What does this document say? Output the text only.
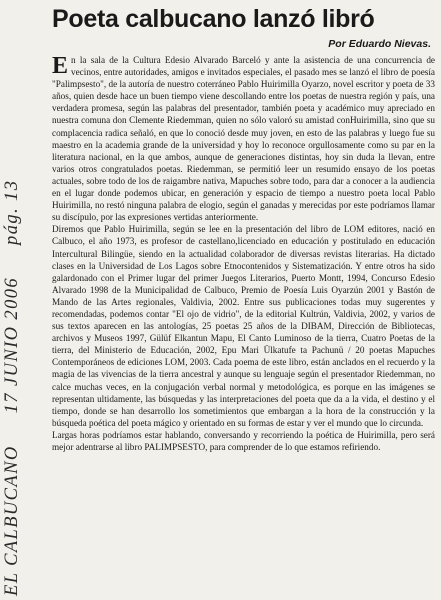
EL CALBUCANO 17 JUNIO 2006 pág. 13
Poeta calbucano lanzó libró
Por Eduardo Nievas.

En la sala de la Cultura Edesio Alvarado Barceló y ante la asistencia de una concurrencia de vecinos, entre autoridades, amigos e invitados especiales, el pasado mes se lanzó el libro de poesía "Palimpsesto", de la autoría de nuestro coterráneo Pablo Huirimilla Oyarzo, novel escritor y poeta de 33 años, quien desde hace un buen tiempo viene descollando entre los poetas de nuestra región y país, una verdadera promesa, según las palabras del presentador, también poeta y académico muy apreciado en nuestra comuna don Clemente Riedemman, quien no sólo valoró su amistad conHuirimilla, sino que su complacencia radica señaló, en que lo conoció desde muy joven, en esto de las palabras y luego fue su maestro en la academia grande de la universidad y hoy lo reconoce orgullosamente como su par en la literatura nacional, en la que ambos, aunque de generaciones distintas, hoy sin duda la llevan, entre varios otros congratulados poetas. Riedemman, se permitió leer un resumido ensayo de los poetas actuales, sobre todo de los de raigambre nativa, Mapuches sobre todo, para dar a conocer a la audiencia en el lugar donde podemos ubicar, en generación y espacio de tiempo a nuestro poeta local Pablo Huirimilla, no restó ninguna palabra de elogio, según el ganadas y merecidas por este podríamos llamar su discípulo, por las expresiones vertidas anteriormente.

Diremos que Pablo Huirimilla, según se lee en la presentación del libro de LOM editores, nació en Calbuco, el año 1973, es profesor de castellano,licenciado en educación y postitulado en educación Intercultural Bilingüe, siendo en la actualidad colaborador de diversas revistas literarias. Ha dictado clases en la Universidad de Los Lagos sobre Etnocontenidos y Sistematización. Y entre otros ha sido galardonado con el Primer lugar del primer Juegos Literarios, Puerto Montt, 1994, Concurso Edesio Alvarado 1998 de la Municipalidad de Calbuco, Premio de Poesía Luis Oyarzún 2001 y Bastón de Mando de las Artes regionales, Valdivia, 2002. Entre sus publicaciones todas muy sugerentes y recomendadas, podemos contar "El ojo de vidrio", de la editorial Kultrún, Valdivia, 2002, y varios de sus textos aparecen en las antologías, 25 poetas 25 años de la DIBAM, Dirección de Bibliotecas, archivos y Museos 1997, Gülüf Elkantun Mapu, El Canto Luminoso de la tierra, Cuatro Poetas de la tierra, del Ministerio de Educación, 2002, Epu Mari Ülkatufe ta Pachunü / 20 poetas Mapuches Contemporáneos de ediciones LOM, 2003. Cada poema de este libro, están anclados en el recuerdo y la magia de las vivencias de la tierra ancestral y aunque su lenguaje según el presentador Riedemman, no calce muchas veces, en la conjugación verbal normal y metodológica, es porque en las imágenes se representan ultidamente, las búsquedas y las interpretaciones del poeta que da a la vida, el destino y el tiempo, donde se han desarrollo los sometimientos que embargan a la hora de la construcción y la búsqueda poética del poeta mágico y orientado en su formas de estar y ver el mundo que lo circunda.

Largas horas podríamos estar hablando, conversando y recorriendo la poética de Huirimilla, pero será mejor adentrarse al libro PALIMPSESTO, para comprender de lo que estamos refiriendo.
